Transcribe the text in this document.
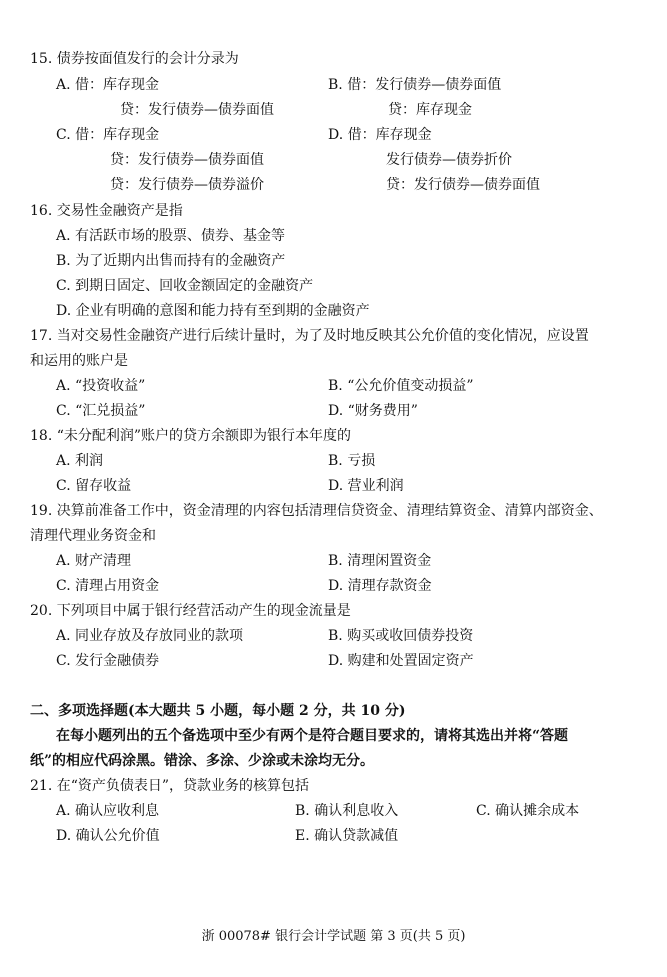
15. 债券按面值发行的会计分录为
A. 借：库存现金	B. 借：发行债券—债券面值
贷：发行债券—债券面值	贷：库存现金
C. 借：库存现金	D. 借：库存现金
贷：发行债券—债券面值	发行债券—债券折价
贷：发行债券—债券溢价	贷：发行债券—债券面值
16. 交易性金融资产是指
A. 有活跃市场的股票、债券、基金等
B. 为了近期内出售而持有的金融资产
C. 到期日固定、回收金额固定的金融资产
D. 企业有明确的意图和能力持有至到期的金融资产
17. 当对交易性金融资产进行后续计量时，为了及时地反映其公允价值的变化情况，应设置
和运用的账户是
A. “投资收益”	B. “公允价值变动损益”
C. “汇兑损益”	D. “财务费用”
18. “未分配利润”账户的贷方余额即为银行本年度的
A. 利润	B. 亏损
C. 留存收益	D. 营业利润
19. 决算前准备工作中，资金清理的内容包括清理信贷资金、清理结算资金、清算内部资金、
清理代理业务资金和
A. 财产清理	B. 清理闲置资金
C. 清理占用资金	D. 清理存款资金
20. 下列项目中属于银行经营活动产生的现金流量是
A. 同业存放及存放同业的款项	B. 购买或收回债券投资
C. 发行金融债券	D. 购建和处置固定资产
二、多项选择题(本大题共 5 小题，每小题 2 分，共 10 分)
在每小题列出的五个备选项中至少有两个是符合题目要求的，请将其选出并将“答题
纸”的相应代码涂黑。错涂、多涂、少涂或未涂均无分。
21. 在“资产负债表日”，贷款业务的核算包括
A. 确认应收利息	B. 确认利息收入	C. 确认摊余成本
D. 确认公允价值	E. 确认贷款减值
浙 00078# 银行会计学试题 第 3 页(共 5 页)
